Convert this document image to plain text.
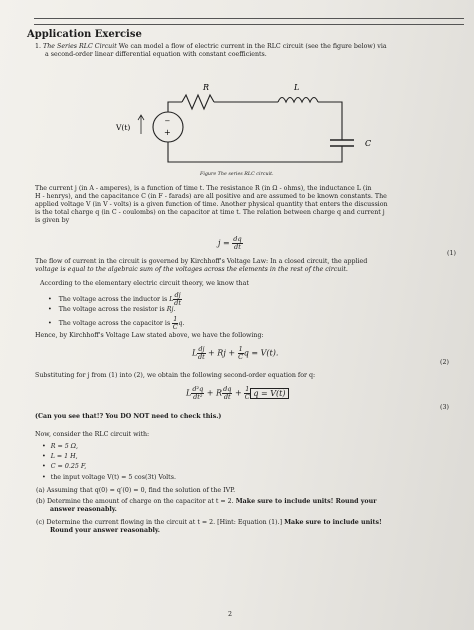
Application Exercise
1. The Series RLC Circuit We can model a flow of electric current in the RLC circuit (see the figure below) via
a second-order linear differential equation with constant coefficients.
R	L
V(t)
C
−
+
Figure The series RLC circuit.
The current j (in A - amperes), is a function of time t. The resistance R (in Ω - ohms), the inductance L (in
H - henrys), and the capacitance C (in F - farads) are all positive and are assumed to be known constants. The
applied voltage V (in V - volts) is a given function of time. Another physical quantity that enters the discussion
is the total charge q (in C - coulombs) on the capacitor at time t. The relation between charge q and current j
is given by
$j = \frac{dq}{dt}$
(1)
The flow of current in the circuit is governed by Kirchhoff's Voltage Law: In a closed circuit, the applied
voltage is equal to the algebraic sum of the voltages across the elements in the rest of the circuit.
According to the elementary electric circuit theory, we know that
• The voltage across the inductor is L $\frac{dj}{dt}$
• The voltage across the resistor is Rj.
• The voltage across the capacitor is $\frac{1}{C} q$.
Hence, by Kirchhoff's Voltage Law stated above, we have the following:
L $\frac{dj}{dt} + Rj + \frac{1}{C}$ q = V(t).
(2)
Substituting for j from (1) into (2), we obtain the following second-order equation for q:
L $\frac{\text{d²q}}{\text{dt²}} + R \frac{dq}{dt} + \frac{1}{C}$ q = V(t)
(3)
(Can you see that!? You DO NOT need to check this.)
Now, consider the RLC circuit with:
• R = 5 Ω,
• L = 1 H,
• C = 0.25 F,
• the input voltage V(t) = 5 cos(3t) Volts.
(a) Assuming that q(0) = q′(0) = 0, find the solution of the IVP.
(b) Determine the amount of charge on the capacitor at t = 2. Make sure to include units! Round your
answer reasonably.
(c) Determine the current flowing in the circuit at t = 2. [Hint: Equation (1).] Make sure to include units!
Round your answer reasonably.
2
